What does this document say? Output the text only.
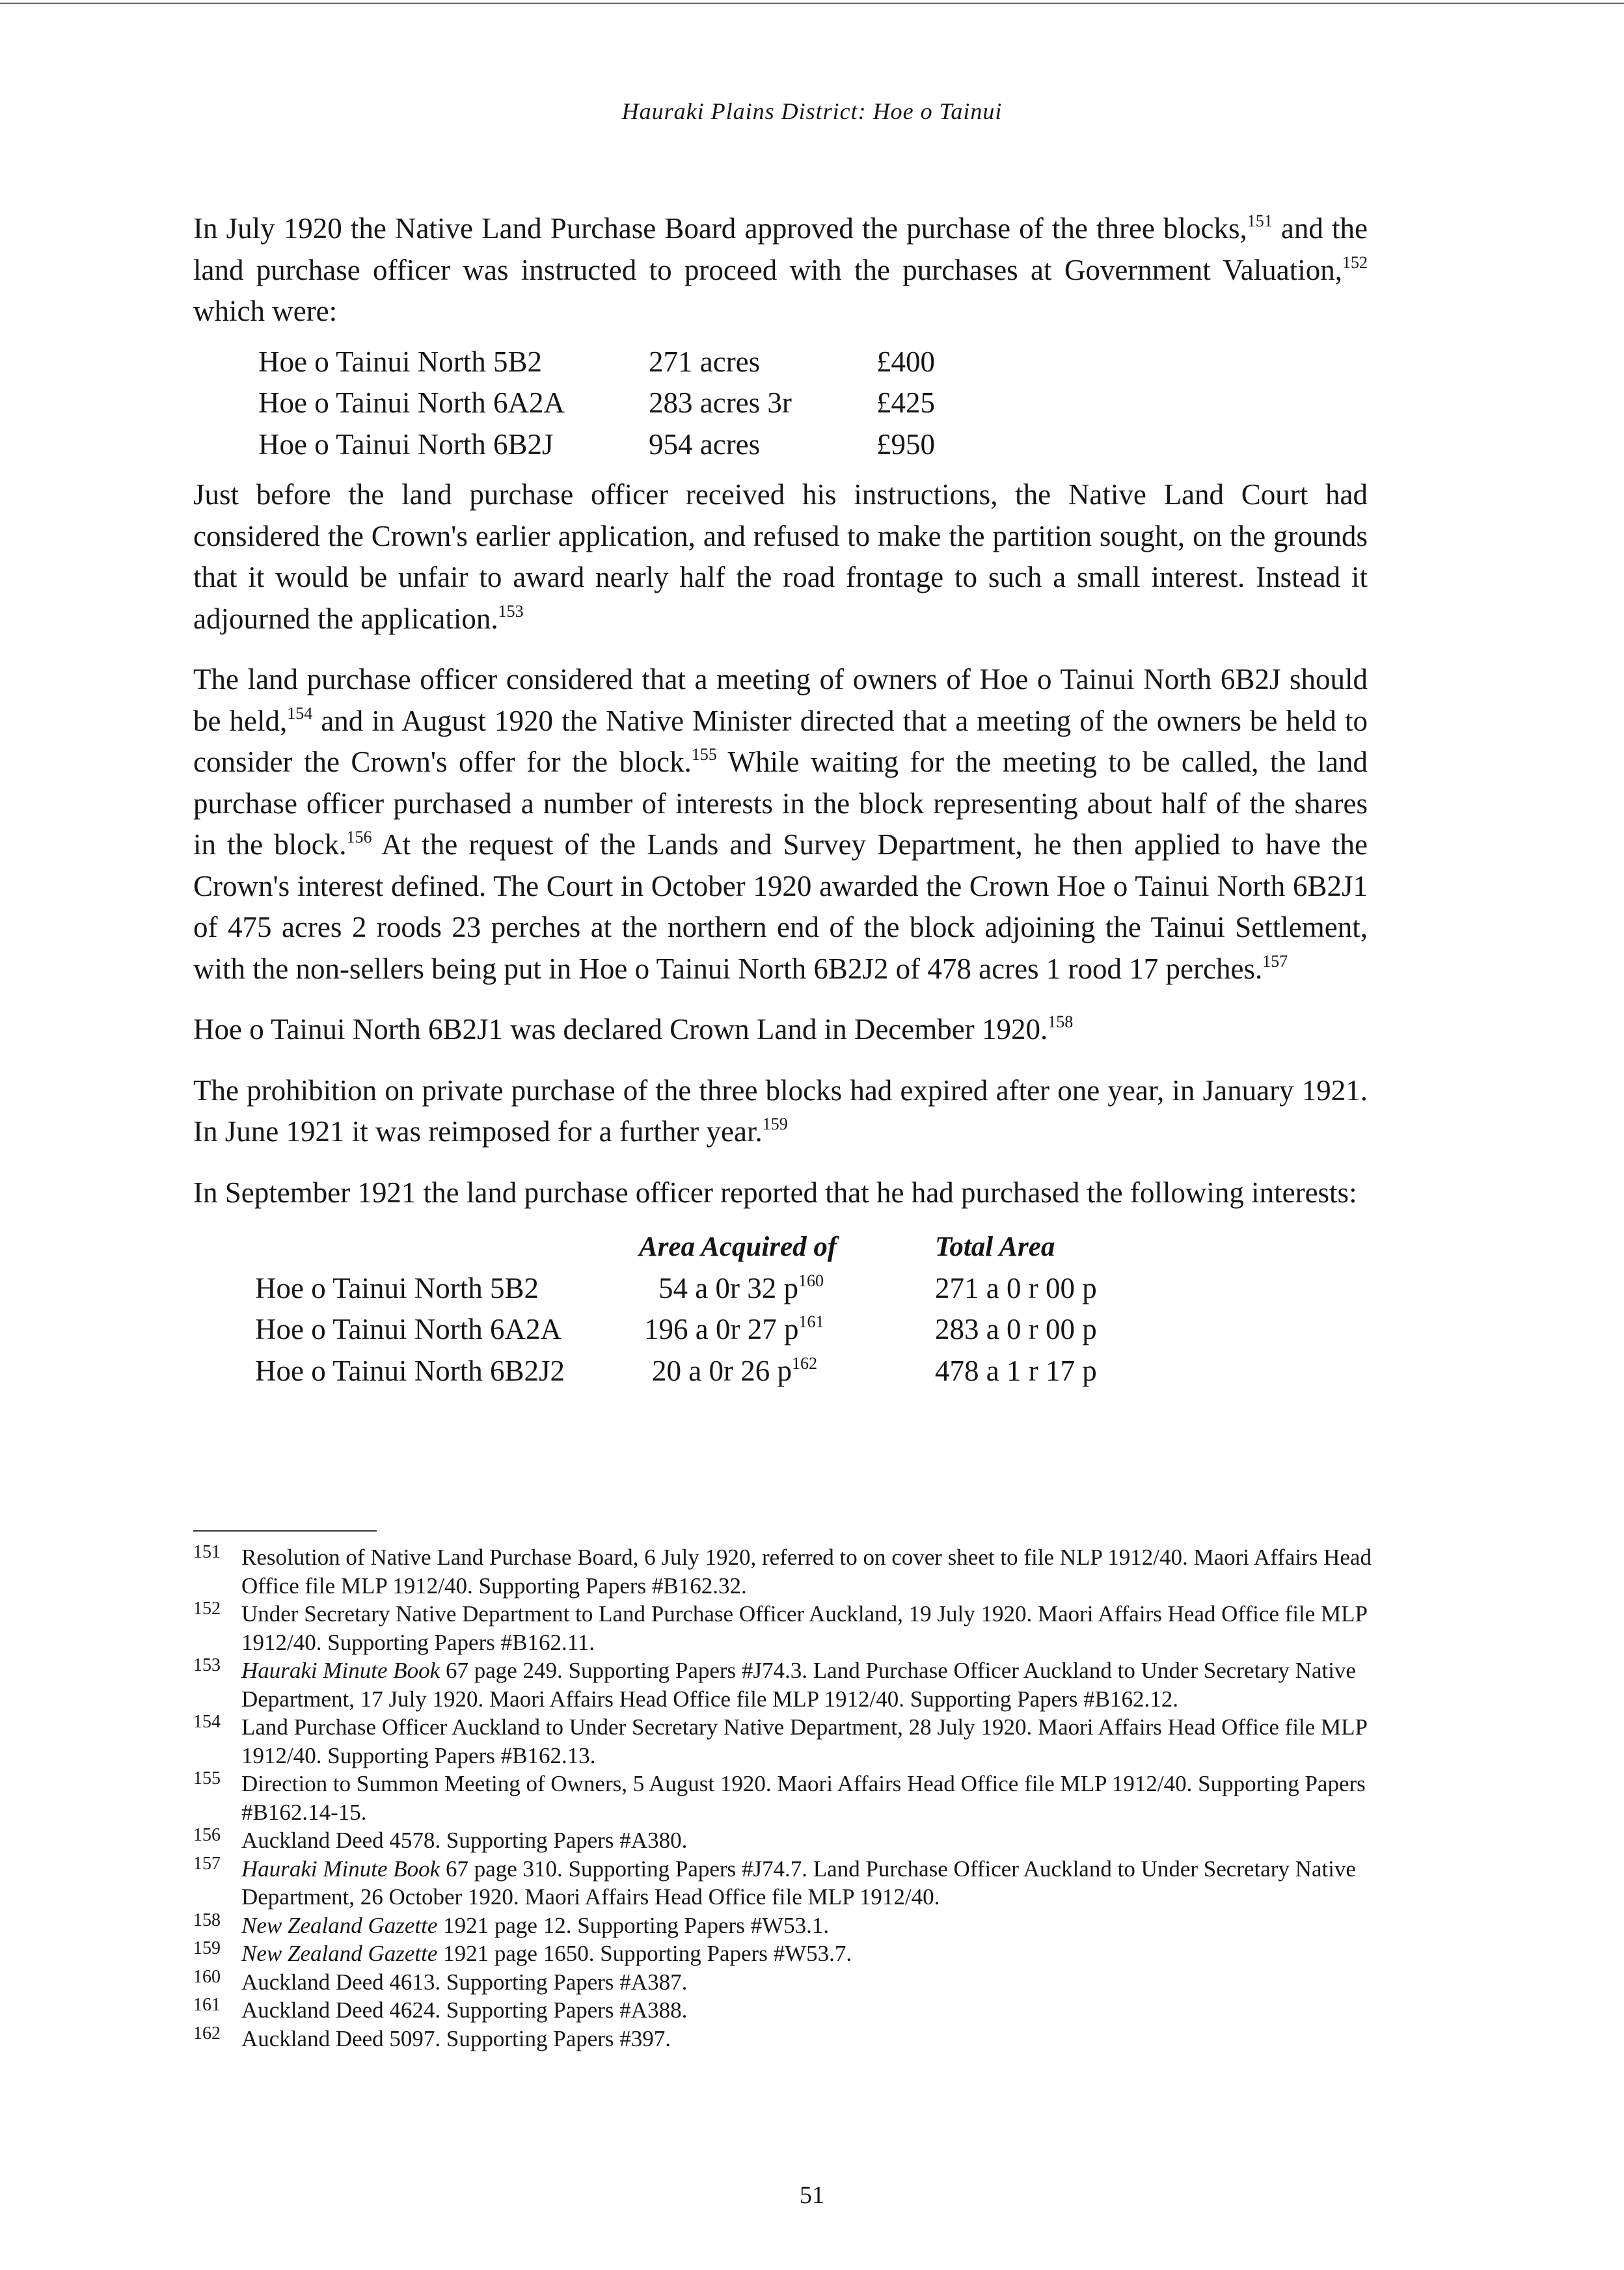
Hauraki Plains District: Hoe o Tainui

In July 1920 the Native Land Purchase Board approved the purchase of the three blocks,$^{151}$ and the land purchase officer was instructed to proceed with the purchases at Government Valuation,$^{152}$ which were:

Hoe o Tainui North 5B2	271 acres	£400
Hoe o Tainui North 6A2A	283 acres 3r	£425
Hoe o Tainui North 6B2J	954 acres	£950

Just before the land purchase officer received his instructions, the Native Land Court had considered the Crown's earlier application, and refused to make the partition sought, on the grounds that it would be unfair to award nearly half the road frontage to such a small interest. Instead it adjourned the application.$^{153}$

The land purchase officer considered that a meeting of owners of Hoe o Tainui North 6B2J should be held,$^{154}$ and in August 1920 the Native Minister directed that a meeting of the owners be held to consider the Crown's offer for the block.$^{155}$ While waiting for the meeting to be called, the land purchase officer purchased a number of interests in the block representing about half of the shares in the block.$^{156}$ At the request of the Lands and Survey Department, he then applied to have the Crown's interest defined. The Court in October 1920 awarded the Crown Hoe o Tainui North 6B2J1 of 475 acres 2 roods 23 perches at the northern end of the block adjoining the Tainui Settlement, with the non-sellers being put in Hoe o Tainui North 6B2J2 of 478 acres 1 rood 17 perches.$^{157}$

Hoe o Tainui North 6B2J1 was declared Crown Land in December 1920.$^{158}$

The prohibition on private purchase of the three blocks had expired after one year, in January 1921. In June 1921 it was reimposed for a further year.$^{159}$

In September 1921 the land purchase officer reported that he had purchased the following interests:

	Area Acquired of	Total Area
Hoe o Tainui North 5B2	54 a 0r 32 $p^{160}$	271 a 0 r 00 p
Hoe o Tainui North 6A2A	196 a 0r 27 $p^{161}$	283 a 0 r 00 p
Hoe o Tainui North 6B2J2	20 a 0r 26 $p^{162}$	478 a 1 r 17 p
151 Resolution of Native Land Purchase Board, 6 July 1920, referred to on cover sheet to file NLP 1912/40. Maori Affairs Head Office file MLP 1912/40. Supporting Papers #B162.32.
152 Under Secretary Native Department to Land Purchase Officer Auckland, 19 July 1920. Maori Affairs Head Office file MLP 1912/40. Supporting Papers #B162.11.
153 Hauraki Minute Book 67 page 249. Supporting Papers #J74.3. Land Purchase Officer Auckland to Under Secretary Native Department, 17 July 1920. Maori Affairs Head Office file MLP 1912/40. Supporting Papers #B162.12.
154 Land Purchase Officer Auckland to Under Secretary Native Department, 28 July 1920. Maori Affairs Head Office file MLP 1912/40. Supporting Papers #B162.13.
155 Direction to Summon Meeting of Owners, 5 August 1920. Maori Affairs Head Office file MLP 1912/40. Supporting Papers #B162.14-15.
156 Auckland Deed 4578. Supporting Papers #A380.
157 Hauraki Minute Book 67 page 310. Supporting Papers #J74.7. Land Purchase Officer Auckland to Under Secretary Native Department, 26 October 1920. Maori Affairs Head Office file MLP 1912/40.
158 New Zealand Gazette 1921 page 12. Supporting Papers #W53.1.
159 New Zealand Gazette 1921 page 1650. Supporting Papers #W53.7.
160 Auckland Deed 4613. Supporting Papers #A387.
161 Auckland Deed 4624. Supporting Papers #A388.
162 Auckland Deed 5097. Supporting Papers #397.
51
